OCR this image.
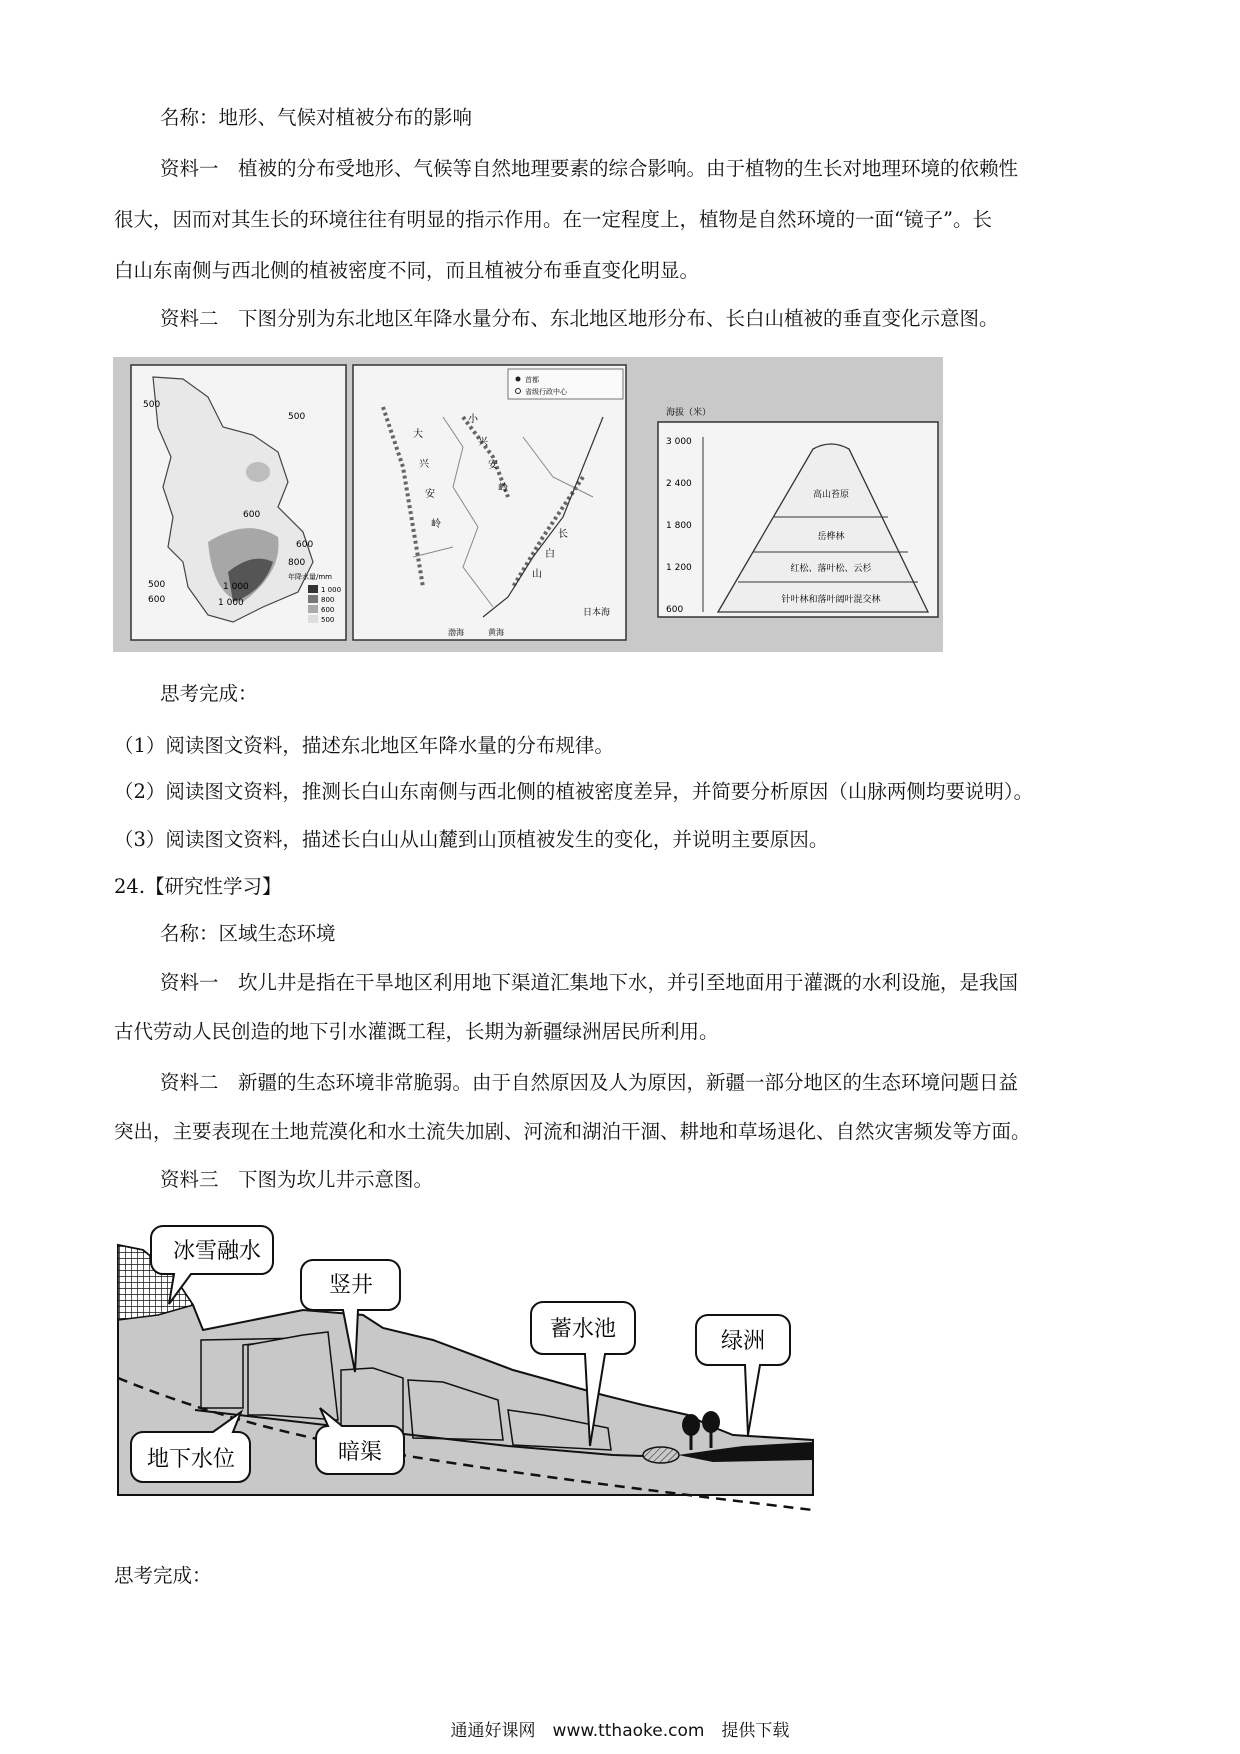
名称：地形、气候对植被分布的影响
资料一　植被的分布受地形、气候等自然地理要素的综合影响。由于植物的生长对地理环境的依赖性
很大，因而对其生长的环境往往有明显的指示作用。在一定程度上，植物是自然环境的一面“镜子”。长
白山东南侧与西北侧的植被密度不同，而且植被分布垂直变化明显。
资料二　下图分别为东北地区年降水量分布、东北地区地形分布、长白山植被的垂直变化示意图。
500
500
600
600
800
1 000
1 000
500
600
年降水量/mm
1 000
800
600
500
首都
省级行政中心
大
兴
安
岭
小
兴
安
岭
长
白
山
日本海
渤海	黄海
海拔（米）
3 000
2 400
1 800
1 200
600
高山苔原
岳桦林
红松、落叶松、云杉
针叶林和落叶阔叶混交林
思考完成：
（1）阅读图文资料，描述东北地区年降水量的分布规律。
（2）阅读图文资料，推测长白山东南侧与西北侧的植被密度差异，并简要分析原因（山脉两侧均要说明）。
（3）阅读图文资料，描述长白山从山麓到山顶植被发生的变化，并说明主要原因。
24.【研究性学习】
名称：区域生态环境
资料一　坎儿井是指在干旱地区利用地下渠道汇集地下水，并引至地面用于灌溉的水利设施，是我国
古代劳动人民创造的地下引水灌溉工程，长期为新疆绿洲居民所利用。
资料二　新疆的生态环境非常脆弱。由于自然原因及人为原因，新疆一部分地区的生态环境问题日益
突出，主要表现在土地荒漠化和水土流失加剧、河流和湖泊干涸、耕地和草场退化、自然灾害频发等方面。
资料三　下图为坎儿井示意图。
冰雪融水
竖井
蓄水池	绿洲
地下水位	暗渠
思考完成：
通通好课网　www.tthaoke.com　提供下载
